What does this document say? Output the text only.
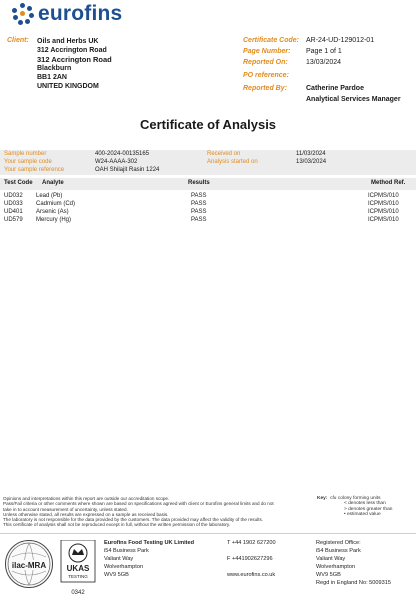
eurofins
Client: Oils and Herbs UK
312 Accrington Road
312 Accrington Road
Blackburn
BB1 2AN
UNITED KINGDOM
Certificate Code: AR-24-UD-129012-01
Page Number: Page 1 of 1
Reported On:	13/03/2024
PO reference:
Reported By:	Catherine Pardoe
Analytical Services Manager
Certificate of Analysis
Sample number	400-2024-00135165
Your sample code	W24-AAAA-302
Your sample reference	OAH Shilajit Rasin 1224
Received on	11/03/2024
Analysis started on	13/03/2024
Test Code Analyte	Results	Method Ref.
UD032 Lead (Pb)	PASS	ICPMS/010
UD033 Cadmium (Cd)	PASS	ICPMS/010
UD401 Arsenic (As)	PASS	ICPMS/010
UD579 Mercury (Hg)	PASS	ICPMS/010
Opinions and interpretations within this report are outside our accreditation scope.
Pass/Fail criteria or other comments where shown are based on specifications agreed with client or Eurofins general limits and do not
take in to account measurement of uncertainty, unless stated.
Unless otherwise stated, all results are expressed on a sample as received basis.
The laboratory is not responsible for the data provided by the customers. The data provided may affect the validity of the results.
This certificate of analysis shall not be reproduced except in full, without the written permission of the laboratory.
Key: cfu colony forming units
< denotes less than
> denotes greater than
• estimated value
ilac-MRA	UKAS
TESTING
0342
Eurofins Food Testing UK Limited
i54 Business Park
Valiant Way
Wolverhampton
WV9 5GB
T +44 1902 627200
F +441902627296
www.eurofins.co.uk
Registered Office:
i54 Business Park
Valiant Way
Wolverhampton
WV9 5GB
Regd in England No: 5009315
